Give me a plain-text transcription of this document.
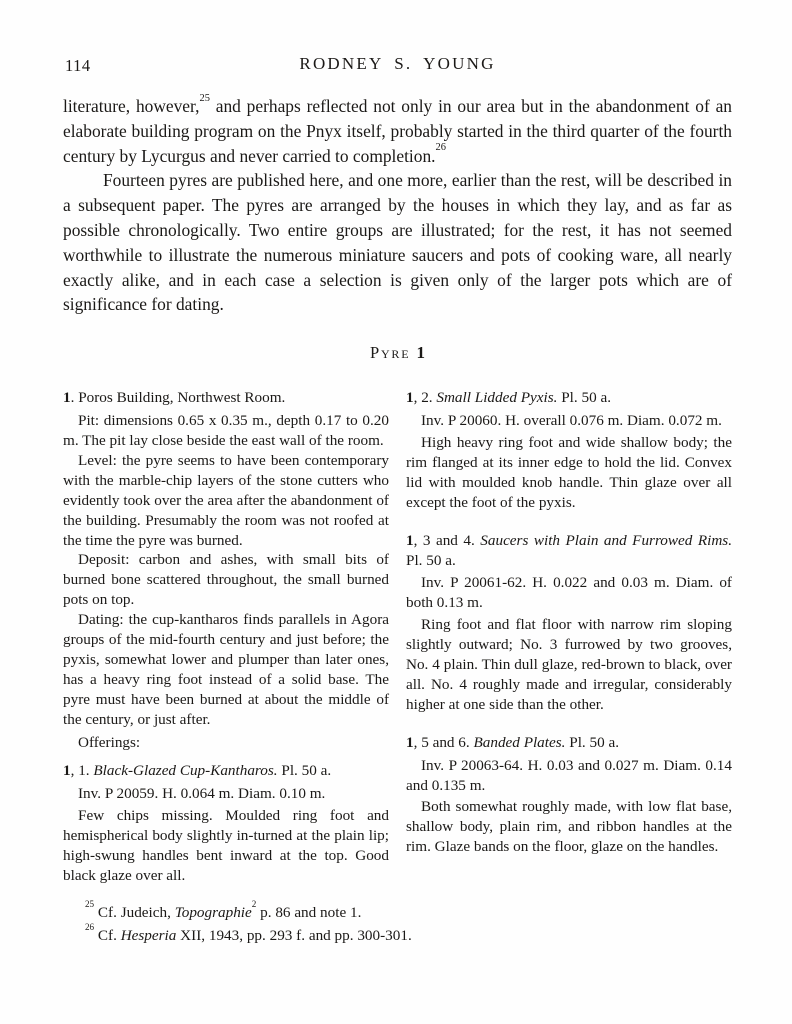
114	RODNEY S. YOUNG

literature, however,$^{25}$ and perhaps reflected not only in our area but in the abandonment of an elaborate building program on the Pnyx itself, probably started in the third quarter of the fourth century by Lycurgus and never carried to completion.$^{26}$

Fourteen pyres are published here, and one more, earlier than the rest, will be described in a subsequent paper. The pyres are arranged by the houses in which they lay, and as far as possible chronologically. Two entire groups are illustrated; for the rest, it has not seemed worthwhile to illustrate the numerous miniature saucers and pots of cooking ware, all nearly exactly alike, and in each case a selection is given only of the larger pots which are of significance for dating.

Pyre 1

1. Poros Building, Northwest Room.

Pit: dimensions 0.65 x 0.35 m., depth 0.17 to 0.20 m. The pit lay close beside the east wall of the room.

Level: the pyre seems to have been contemporary with the marble-chip layers of the stone cutters who evidently took over the area after the abandonment of the building. Presumably the room was not roofed at the time the pyre was burned.

Deposit: carbon and ashes, with small bits of burned bone scattered throughout, the small burned pots on top.

Dating: the cup-kantharos finds parallels in Agora groups of the mid-fourth century and just before; the pyxis, somewhat lower and plumper than later ones, has a heavy ring foot instead of a solid base. The pyre must have been burned at about the middle of the century, or just after.

Offerings:

1, 1. Black-Glazed Cup-Kantharos. Pl. 50 a.

Inv. P 20059. H. 0.064 m. Diam. 0.10 m.

Few chips missing. Moulded ring foot and hemispherical body slightly in-turned at the plain lip; high-swung handles bent inward at the top. Good black glaze over all.

1, 2. Small Lidded Pyxis. Pl. 50 a.

Inv. P 20060. H. overall 0.076 m. Diam. 0.072 m.

High heavy ring foot and wide shallow body; the rim flanged at its inner edge to hold the lid. Convex lid with moulded knob handle. Thin glaze over all except the foot of the pyxis.

1, 3 and 4. Saucers with Plain and Furrowed Rims. Pl. 50 a.

Inv. P 20061-62. H. 0.022 and 0.03 m. Diam. of both 0.13 m.

Ring foot and flat floor with narrow rim sloping slightly outward; No. 3 furrowed by two grooves, No. 4 plain. Thin dull glaze, red-brown to black, over all. No. 4 roughly made and irregular, considerably higher at one side than the other.

1, 5 and 6. Banded Plates. Pl. 50 a.

Inv. P 20063-64. H. 0.03 and 0.027 m. Diam. 0.14 and 0.135 m.

Both somewhat roughly made, with low flat base, shallow body, plain rim, and ribbon handles at the rim. Glaze bands on the floor, glaze on the handles.

$^{25}$ Cf. Judeich, Topographie$^2$ p. 86 and note 1.

$^{26}$ Cf. Hesperia XII, 1943, pp. 293 f. and pp. 300-301.
